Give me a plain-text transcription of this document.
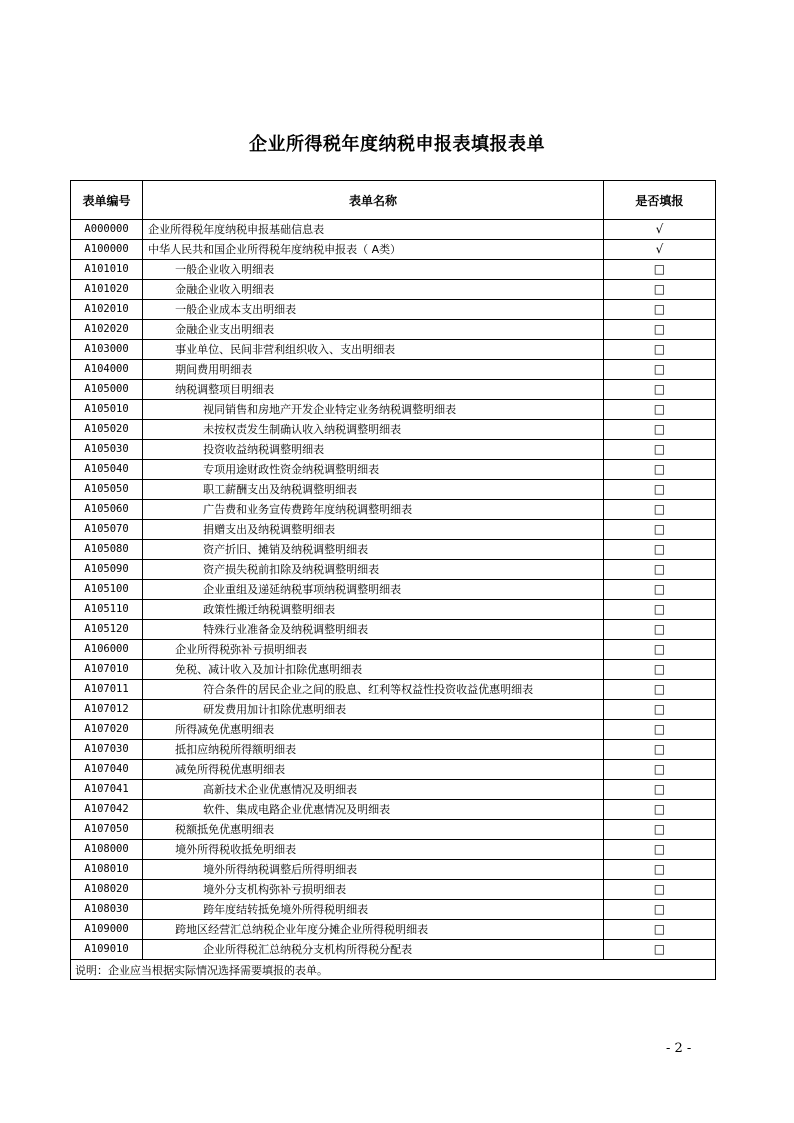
企业所得税年度纳税申报表填报表单
表单编号	表单名称	是否填报
A000000	企业所得税年度纳税申报基础信息表	√
A100000	中华人民共和国企业所得税年度纳税申报表（ A类）	√
A101010	一般企业收入明细表	□
A101020	金融企业收入明细表	□
A102010	一般企业成本支出明细表	□
A102020	金融企业支出明细表	□
A103000	事业单位、民间非营利组织收入、支出明细表	□
A104000	期间费用明细表	□
A105000	纳税调整项目明细表	□
A105010	视同销售和房地产开发企业特定业务纳税调整明细表	□
A105020	未按权责发生制确认收入纳税调整明细表	□
A105030	投资收益纳税调整明细表	□
A105040	专项用途财政性资金纳税调整明细表	□
A105050	职工薪酬支出及纳税调整明细表	□
A105060	广告费和业务宣传费跨年度纳税调整明细表	□
A105070	捐赠支出及纳税调整明细表	□
A105080	资产折旧、摊销及纳税调整明细表	□
A105090	资产损失税前扣除及纳税调整明细表	□
A105100	企业重组及递延纳税事项纳税调整明细表	□
A105110	政策性搬迁纳税调整明细表	□
A105120	特殊行业准备金及纳税调整明细表	□
A106000	企业所得税弥补亏损明细表	□
A107010	免税、减计收入及加计扣除优惠明细表	□
A107011	符合条件的居民企业之间的股息、红利等权益性投资收益优惠明细表	□
A107012	研发费用加计扣除优惠明细表	□
A107020	所得减免优惠明细表	□
A107030	抵扣应纳税所得额明细表	□
A107040	减免所得税优惠明细表	□
A107041	高新技术企业优惠情况及明细表	□
A107042	软件、集成电路企业优惠情况及明细表	□
A107050	税额抵免优惠明细表	□
A108000	境外所得税收抵免明细表	□
A108010	境外所得纳税调整后所得明细表	□
A108020	境外分支机构弥补亏损明细表	□
A108030	跨年度结转抵免境外所得税明细表	□
A109000	跨地区经营汇总纳税企业年度分摊企业所得税明细表	□
A109010	企业所得税汇总纳税分支机构所得税分配表	□
说明：企业应当根据实际情况选择需要填报的表单。		
- 2 -
